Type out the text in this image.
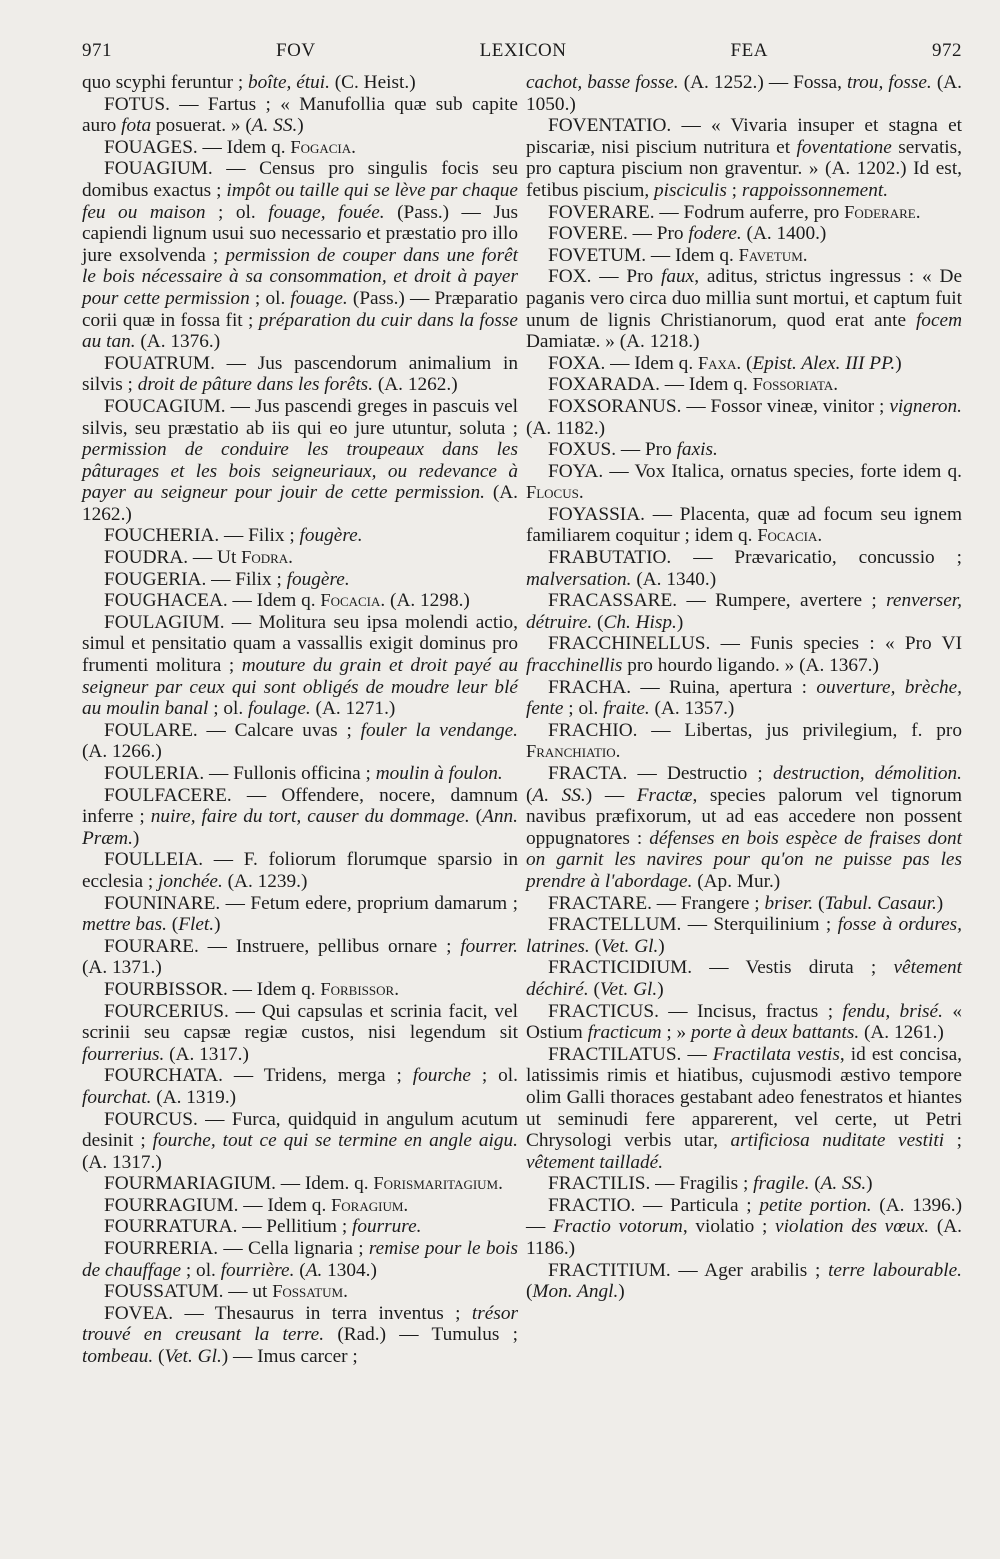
971	FOV	LEXICON	FEA	972

quo scyphi feruntur ; boîte, étui. (C. Heist.)

FOTUS. — Fartus ; « Manufollia quæ sub capite auro fota posuerat. » (A. SS.)

FOUAGES. — Idem q. Fogacia.

FOUAGIUM. — Census pro singulis focis seu domibus exactus ; impôt ou taille qui se lève par chaque feu ou maison ; ol. fouage, fouée. (Pass.) — Jus capiendi lignum usui suo necessario et præstatio pro illo jure exsolvenda ; permission de couper dans une forêt le bois nécessaire à sa consommation, et droit à payer pour cette permission ; ol. fouage. (Pass.) — Præparatio corii quæ in fossa fit ; préparation du cuir dans la fosse au tan. (A. 1376.)

FOUATRUM. — Jus pascendorum animalium in silvis ; droit de pâture dans les forêts. (A. 1262.)

FOUCAGIUM. — Jus pascendi greges in pascuis vel silvis, seu præstatio ab iis qui eo jure utuntur, soluta ; permission de conduire les troupeaux dans les pâturages et les bois seigneuriaux, ou redevance à payer au seigneur pour jouir de cette permission. (A. 1262.)

FOUCHERIA. — Filix ; fougère.

FOUDRA. — Ut Fodra.

FOUGERIA. — Filix ; fougère.

FOUGHACEA. — Idem q. Focacia. (A. 1298.)

FOULAGIUM. — Molitura seu ipsa molendi actio, simul et pensitatio quam a vassallis exigit dominus pro frumenti molitura ; mouture du grain et droit payé au seigneur par ceux qui sont obligés de moudre leur blé au moulin banal ; ol. foulage. (A. 1271.)

FOULARE. — Calcare uvas ; fouler la vendange. (A. 1266.)

FOULERIA. — Fullonis officina ; moulin à foulon.

FOULFACERE. — Offendere, nocere, damnum inferre ; nuire, faire du tort, causer du dommage. (Ann. Præm.)

FOULLEIA. — F. foliorum florumque sparsio in ecclesia ; jonchée. (A. 1239.)

FOUNINARE. — Fetum edere, proprium damarum ; mettre bas. (Flet.)

FOURARE. — Instruere, pellibus ornare ; fourrer. (A. 1371.)

FOURBISSOR. — Idem q. Forbissor.

FOURCERIUS. — Qui capsulas et scrinia facit, vel scrinii seu capsæ regiæ custos, nisi legendum sit fourrerius. (A. 1317.)

FOURCHATA. — Tridens, merga ; fourche ; ol. fourchat. (A. 1319.)

FOURCUS. — Furca, quidquid in angulum acutum desinit ; fourche, tout ce qui se termine en angle aigu. (A. 1317.)

FOURMARIAGIUM. — Idem. q. Forismaritagium.

FOURRAGIUM. — Idem q. Foragium.

FOURRATURA. — Pellitium ; fourrure.

FOURRERIA. — Cella lignaria ; remise pour le bois de chauffage ; ol. fourrière. (A. 1304.)

FOUSSATUM. — ut Fossatum.

FOVEA. — Thesaurus in terra inventus ; trésor trouvé en creusant la terre. (Rad.) — Tumulus ; tombeau. (Vet. Gl.) — Imus carcer ;

cachot, basse fosse. (A. 1252.) — Fossa, trou, fosse. (A. 1050.)

FOVENTATIO. — « Vivaria insuper et stagna et piscariæ, nisi piscium nutritura et foventatione servatis, pro captura piscium non graventur. » (A. 1202.) Id est, fetibus piscium, pisciculis ; rappoissonnement.

FOVERARE. — Fodrum auferre, pro Foderare.

FOVERE. — Pro fodere. (A. 1400.)

FOVETUM. — Idem q. Favetum.

FOX. — Pro faux, aditus, strictus ingressus : « De paganis vero circa duo millia sunt mortui, et captum fuit unum de lignis Christianorum, quod erat ante focem Damiatæ. » (A. 1218.)

FOXA. — Idem q. Faxa. (Epist. Alex. III PP.)

FOXARADA. — Idem q. Fossoriata.

FOXSORANUS. — Fossor vineæ, vinitor ; vigneron. (A. 1182.)

FOXUS. — Pro faxis.

FOYA. — Vox Italica, ornatus species, forte idem q. Flocus.

FOYASSIA. — Placenta, quæ ad focum seu ignem familiarem coquitur ; idem q. Focacia.

FRABUTATIO. — Prævaricatio, concussio ; malversation. (A. 1340.)

FRACASSARE. — Rumpere, avertere ; renverser, détruire. (Ch. Hisp.)

FRACCHINELLUS. — Funis species : « Pro VI fracchinellis pro hourdo ligando. » (A. 1367.)

FRACHA. — Ruina, apertura : ouverture, brèche, fente ; ol. fraite. (A. 1357.)

FRACHIO. — Libertas, jus privilegium, f. pro Franchiatio.

FRACTA. — Destructio ; destruction, démolition. (A. SS.) — Fractæ, species palorum vel tignorum navibus præfixorum, ut ad eas accedere non possent oppugnatores : défenses en bois espèce de fraises dont on garnit les navires pour qu'on ne puisse pas les prendre à l'abordage. (Ap. Mur.)

FRACTARE. — Frangere ; briser. (Tabul. Casaur.)

FRACTELLUM. — Sterquilinium ; fosse à ordures, latrines. (Vet. Gl.)

FRACTICIDIUM. — Vestis diruta ; vêtement déchiré. (Vet. Gl.)

FRACTICUS. — Incisus, fractus ; fendu, brisé. « Ostium fracticum ; » porte à deux battants. (A. 1261.)

FRACTILATUS. — Fractilata vestis, id est concisa, latissimis rimis et hiatibus, cujusmodi æstivo tempore olim Galli thoraces gestabant adeo fenestratos et hiantes ut seminudi fere apparerent, vel certe, ut Petri Chrysologi verbis utar, artificiosa nuditate vestiti ; vêtement tailladé.

FRACTILIS. — Fragilis ; fragile. (A. SS.)

FRACTIO. — Particula ; petite portion. (A. 1396.) — Fractio votorum, violatio ; violation des vœux. (A. 1186.)

FRACTITIUM. — Ager arabilis ; terre labourable. (Mon. Angl.)
